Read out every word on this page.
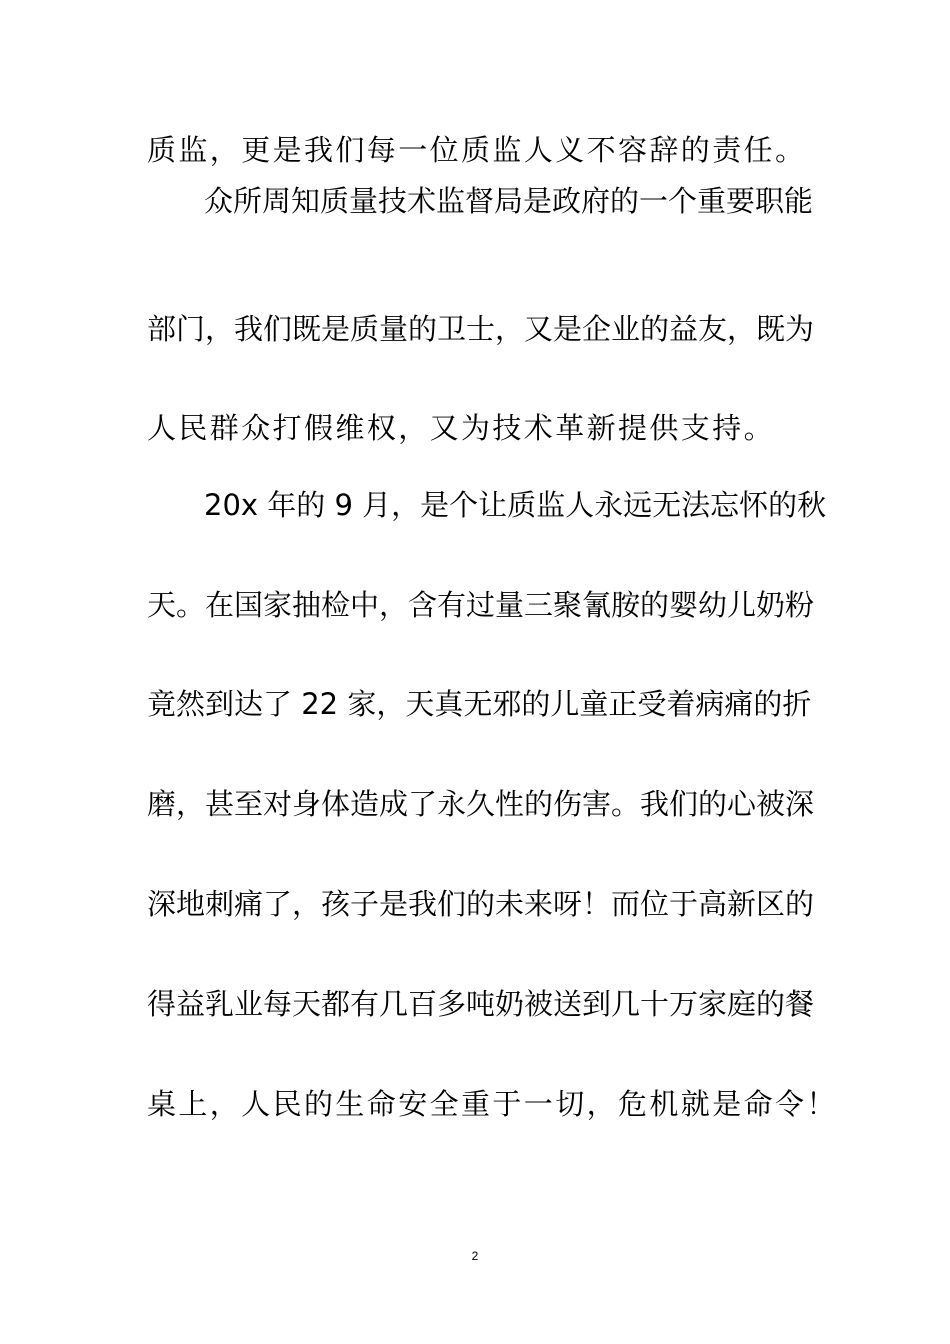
质监，更是我们每一位质监人义不容辞的责任。
众所周知质量技术监督局是政府的一个重要职能
部门，我们既是质量的卫士，又是企业的益友，既为
人民群众打假维权，又为技术革新提供支持。
20x 年的 9 月，是个让质监人永远无法忘怀的秋
天。在国家抽检中，含有过量三聚氰胺的婴幼儿奶粉
竟然到达了 22 家，天真无邪的儿童正受着病痛的折
磨，甚至对身体造成了永久性的伤害。我们的心被深
深地刺痛了，孩子是我们的未来呀！而位于高新区的
得益乳业每天都有几百多吨奶被送到几十万家庭的餐
桌上，人民的生命安全重于一切，危机就是命令！
2
